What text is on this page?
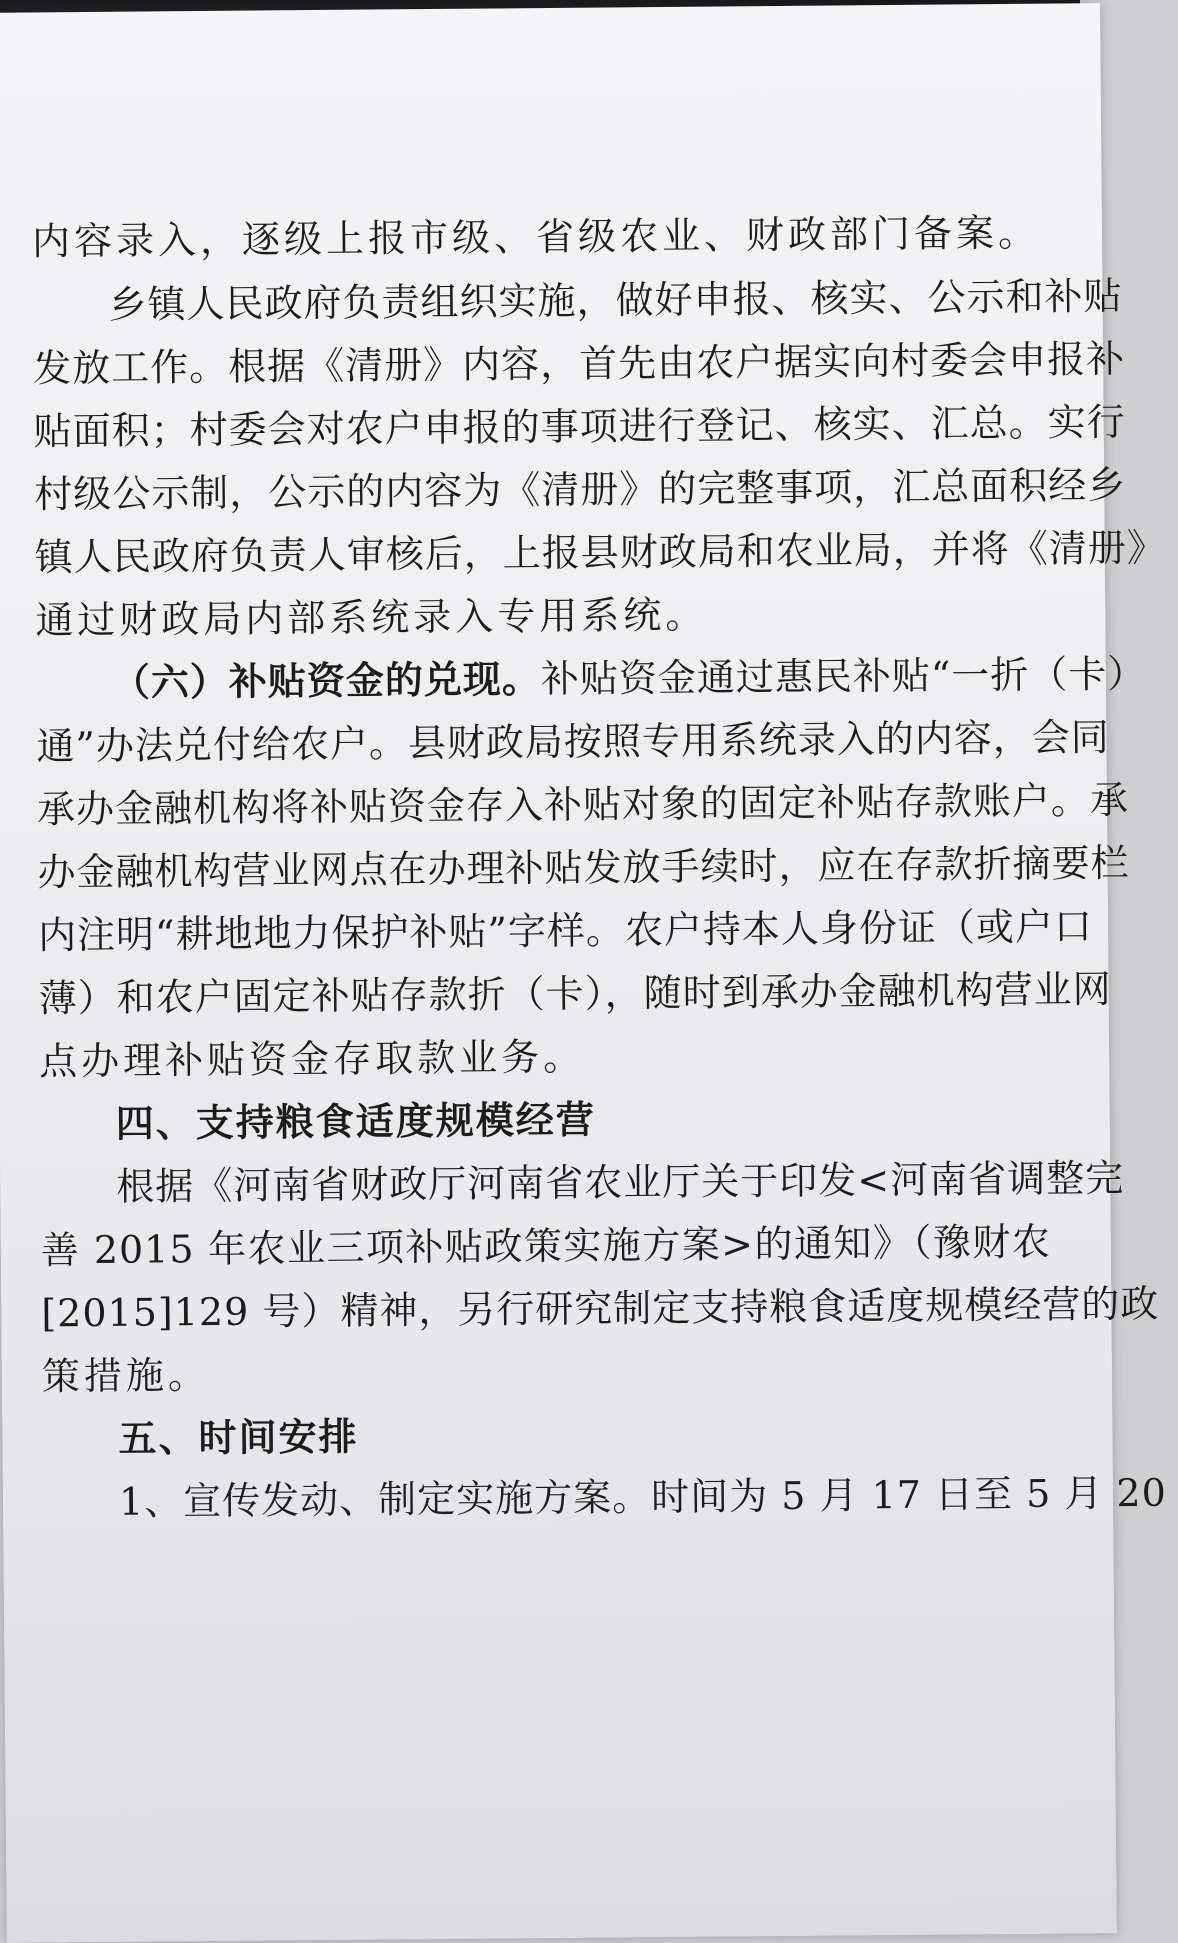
内容录入，逐级上报市级、省级农业、财政部门备案。
乡镇人民政府负责组织实施，做好申报、核实、公示和补贴
发放工作。根据《清册》内容，首先由农户据实向村委会申报补
贴面积；村委会对农户申报的事项进行登记、核实、汇总。实行
村级公示制，公示的内容为《清册》的完整事项，汇总面积经乡
镇人民政府负责人审核后，上报县财政局和农业局，并将《清册》
通过财政局内部系统录入专用系统。
（六）补贴资金的兑现。补贴资金通过惠民补贴“一折（卡）
通”办法兑付给农户。县财政局按照专用系统录入的内容，会同
承办金融机构将补贴资金存入补贴对象的固定补贴存款账户。承
办金融机构营业网点在办理补贴发放手续时，应在存款折摘要栏
内注明“耕地地力保护补贴”字样。农户持本人身份证（或户口
薄）和农户固定补贴存款折（卡），随时到承办金融机构营业网
点办理补贴资金存取款业务。
四、支持粮食适度规模经营
根据《河南省财政厅河南省农业厅关于印发<河南省调整完
善 2015 年农业三项补贴政策实施方案>的通知》（豫财农
[2015]129 号）精神，另行研究制定支持粮食适度规模经营的政
策措施。
五、时间安排
1、宣传发动、制定实施方案。时间为 5 月 17 日至 5 月 20
